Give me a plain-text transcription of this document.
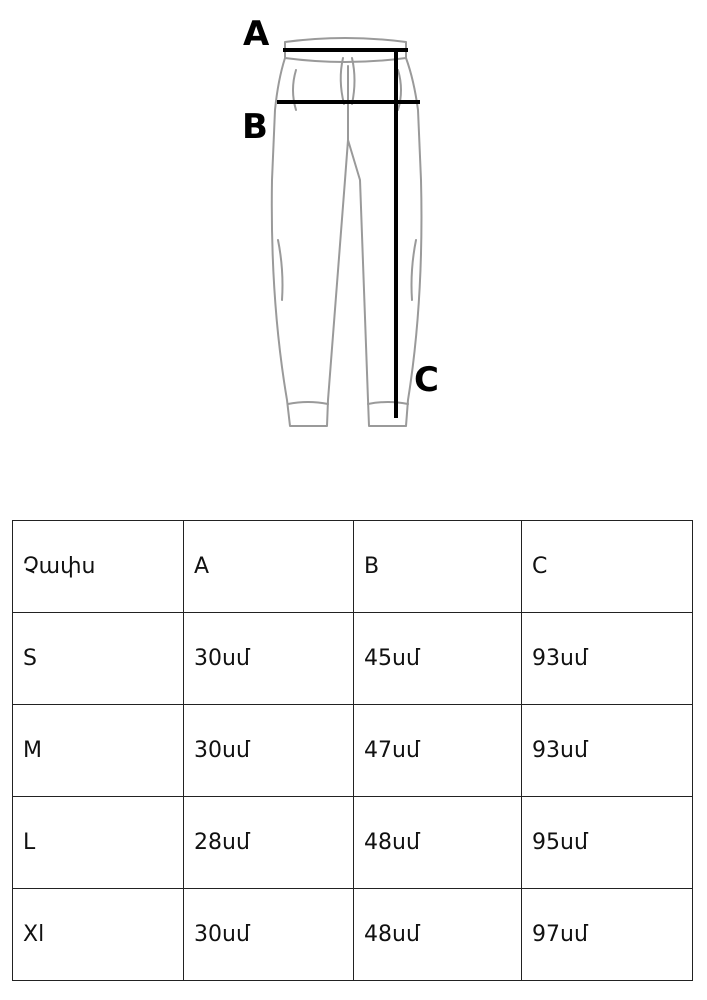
A
B
C
Չափս	A	B	C
S	30սմ	45սմ	93սմ
M	30սմ	47սմ	93սմ
L	28սմ	48սմ	95սմ
Xl	30սմ	48սմ	97սմ
